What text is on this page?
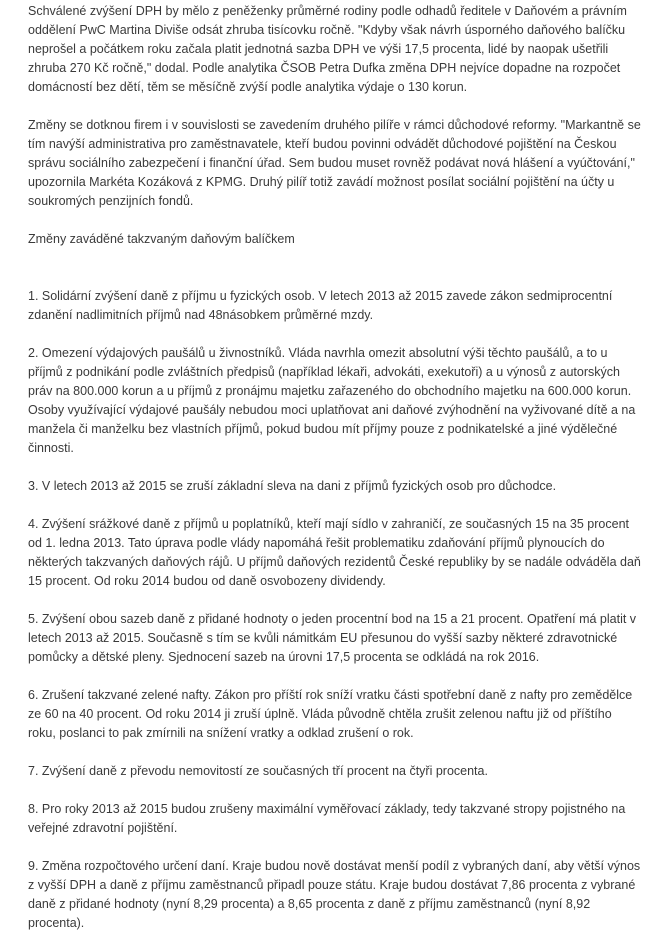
Schválené zvýšení DPH by mělo z peněženky průměrné rodiny podle odhadů ředitele v Daňovém a právním oddělení PwC Martina Diviše odsát zhruba tisícovku ročně. "Kdyby však návrh úsporného daňového balíčku neprošel a počátkem roku začala platit jednotná sazba DPH ve výši 17,5 procenta, lidé by naopak ušetřili zhruba 270 Kč ročně," dodal. Podle analytika ČSOB Petra Dufka změna DPH nejvíce dopadne na rozpočet domácností bez dětí, těm se měsíčně zvýší podle analytika výdaje o 130 korun.

Změny se dotknou firem i v souvislosti se zavedením druhého pilíře v rámci důchodové reformy. "Markantně se tím navýší administrativa pro zaměstnavatele, kteří budou povinni odvádět důchodové pojištění na Českou správu sociálního zabezpečení i finanční úřad. Sem budou muset rovněž podávat nová hlášení a vyúčtování," upozornila Markéta Kozáková z KPMG. Druhý pilíř totiž zavádí možnost posílat sociální pojištění na účty u soukromých penzijních fondů.

Změny zaváděné takzvaným daňovým balíčkem

1. Solidární zvýšení daně z příjmu u fyzických osob. V letech 2013 až 2015 zavede zákon sedmiprocentní zdanění nadlimitních příjmů nad 48násobkem průměrné mzdy.

2. Omezení výdajových paušálů u živnostníků. Vláda navrhla omezit absolutní výši těchto paušálů, a to u příjmů z podnikání podle zvláštních předpisů (například lékaři, advokáti, exekutoři) a u výnosů z autorských práv na 800.000 korun a u příjmů z pronájmu majetku zařazeného do obchodního majetku na 600.000 korun. Osoby využívající výdajové paušály nebudou moci uplatňovat ani daňové zvýhodnění na vyživované dítě a na manžela či manželku bez vlastních příjmů, pokud budou mít příjmy pouze z podnikatelské a jiné výdělečné činnosti.

3. V letech 2013 až 2015 se zruší základní sleva na dani z příjmů fyzických osob pro důchodce.

4. Zvýšení srážkové daně z příjmů u poplatníků, kteří mají sídlo v zahraničí, ze současných 15 na 35 procent od 1. ledna 2013. Tato úprava podle vlády napomáhá řešit problematiku zdaňování příjmů plynoucích do některých takzvaných daňových rájů. U příjmů daňových rezidentů České republiky by se nadále odváděla daň 15 procent. Od roku 2014 budou od daně osvobozeny dividendy.

5. Zvýšení obou sazeb daně z přidané hodnoty o jeden procentní bod na 15 a 21 procent. Opatření má platit v letech 2013 až 2015. Současně s tím se kvůli námitkám EU přesunou do vyšší sazby některé zdravotnické pomůcky a dětské pleny. Sjednocení sazeb na úrovni 17,5 procenta se odkládá na rok 2016.

6. Zrušení takzvané zelené nafty. Zákon pro příští rok sníží vratku části spotřební daně z nafty pro zemědělce ze 60 na 40 procent. Od roku 2014 ji zruší úplně. Vláda původně chtěla zrušit zelenou naftu již od příštího roku, poslanci to pak zmírnili na snížení vratky a odklad zrušení o rok.

7. Zvýšení daně z převodu nemovitostí ze současných tří procent na čtyři procenta.

8. Pro roky 2013 až 2015 budou zrušeny maximální vyměřovací základy, tedy takzvané stropy pojistného na veřejné zdravotní pojištění.

9. Změna rozpočtového určení daní. Kraje budou nově dostávat menší podíl z vybraných daní, aby větší výnos z vyšší DPH a daně z příjmu zaměstnanců připadl pouze státu. Kraje budou dostávat 7,86 procenta z vybrané daně z přidané hodnoty (nyní 8,29 procenta) a 8,65 procenta z daně z příjmu zaměstnanců (nyní 8,92 procenta).
